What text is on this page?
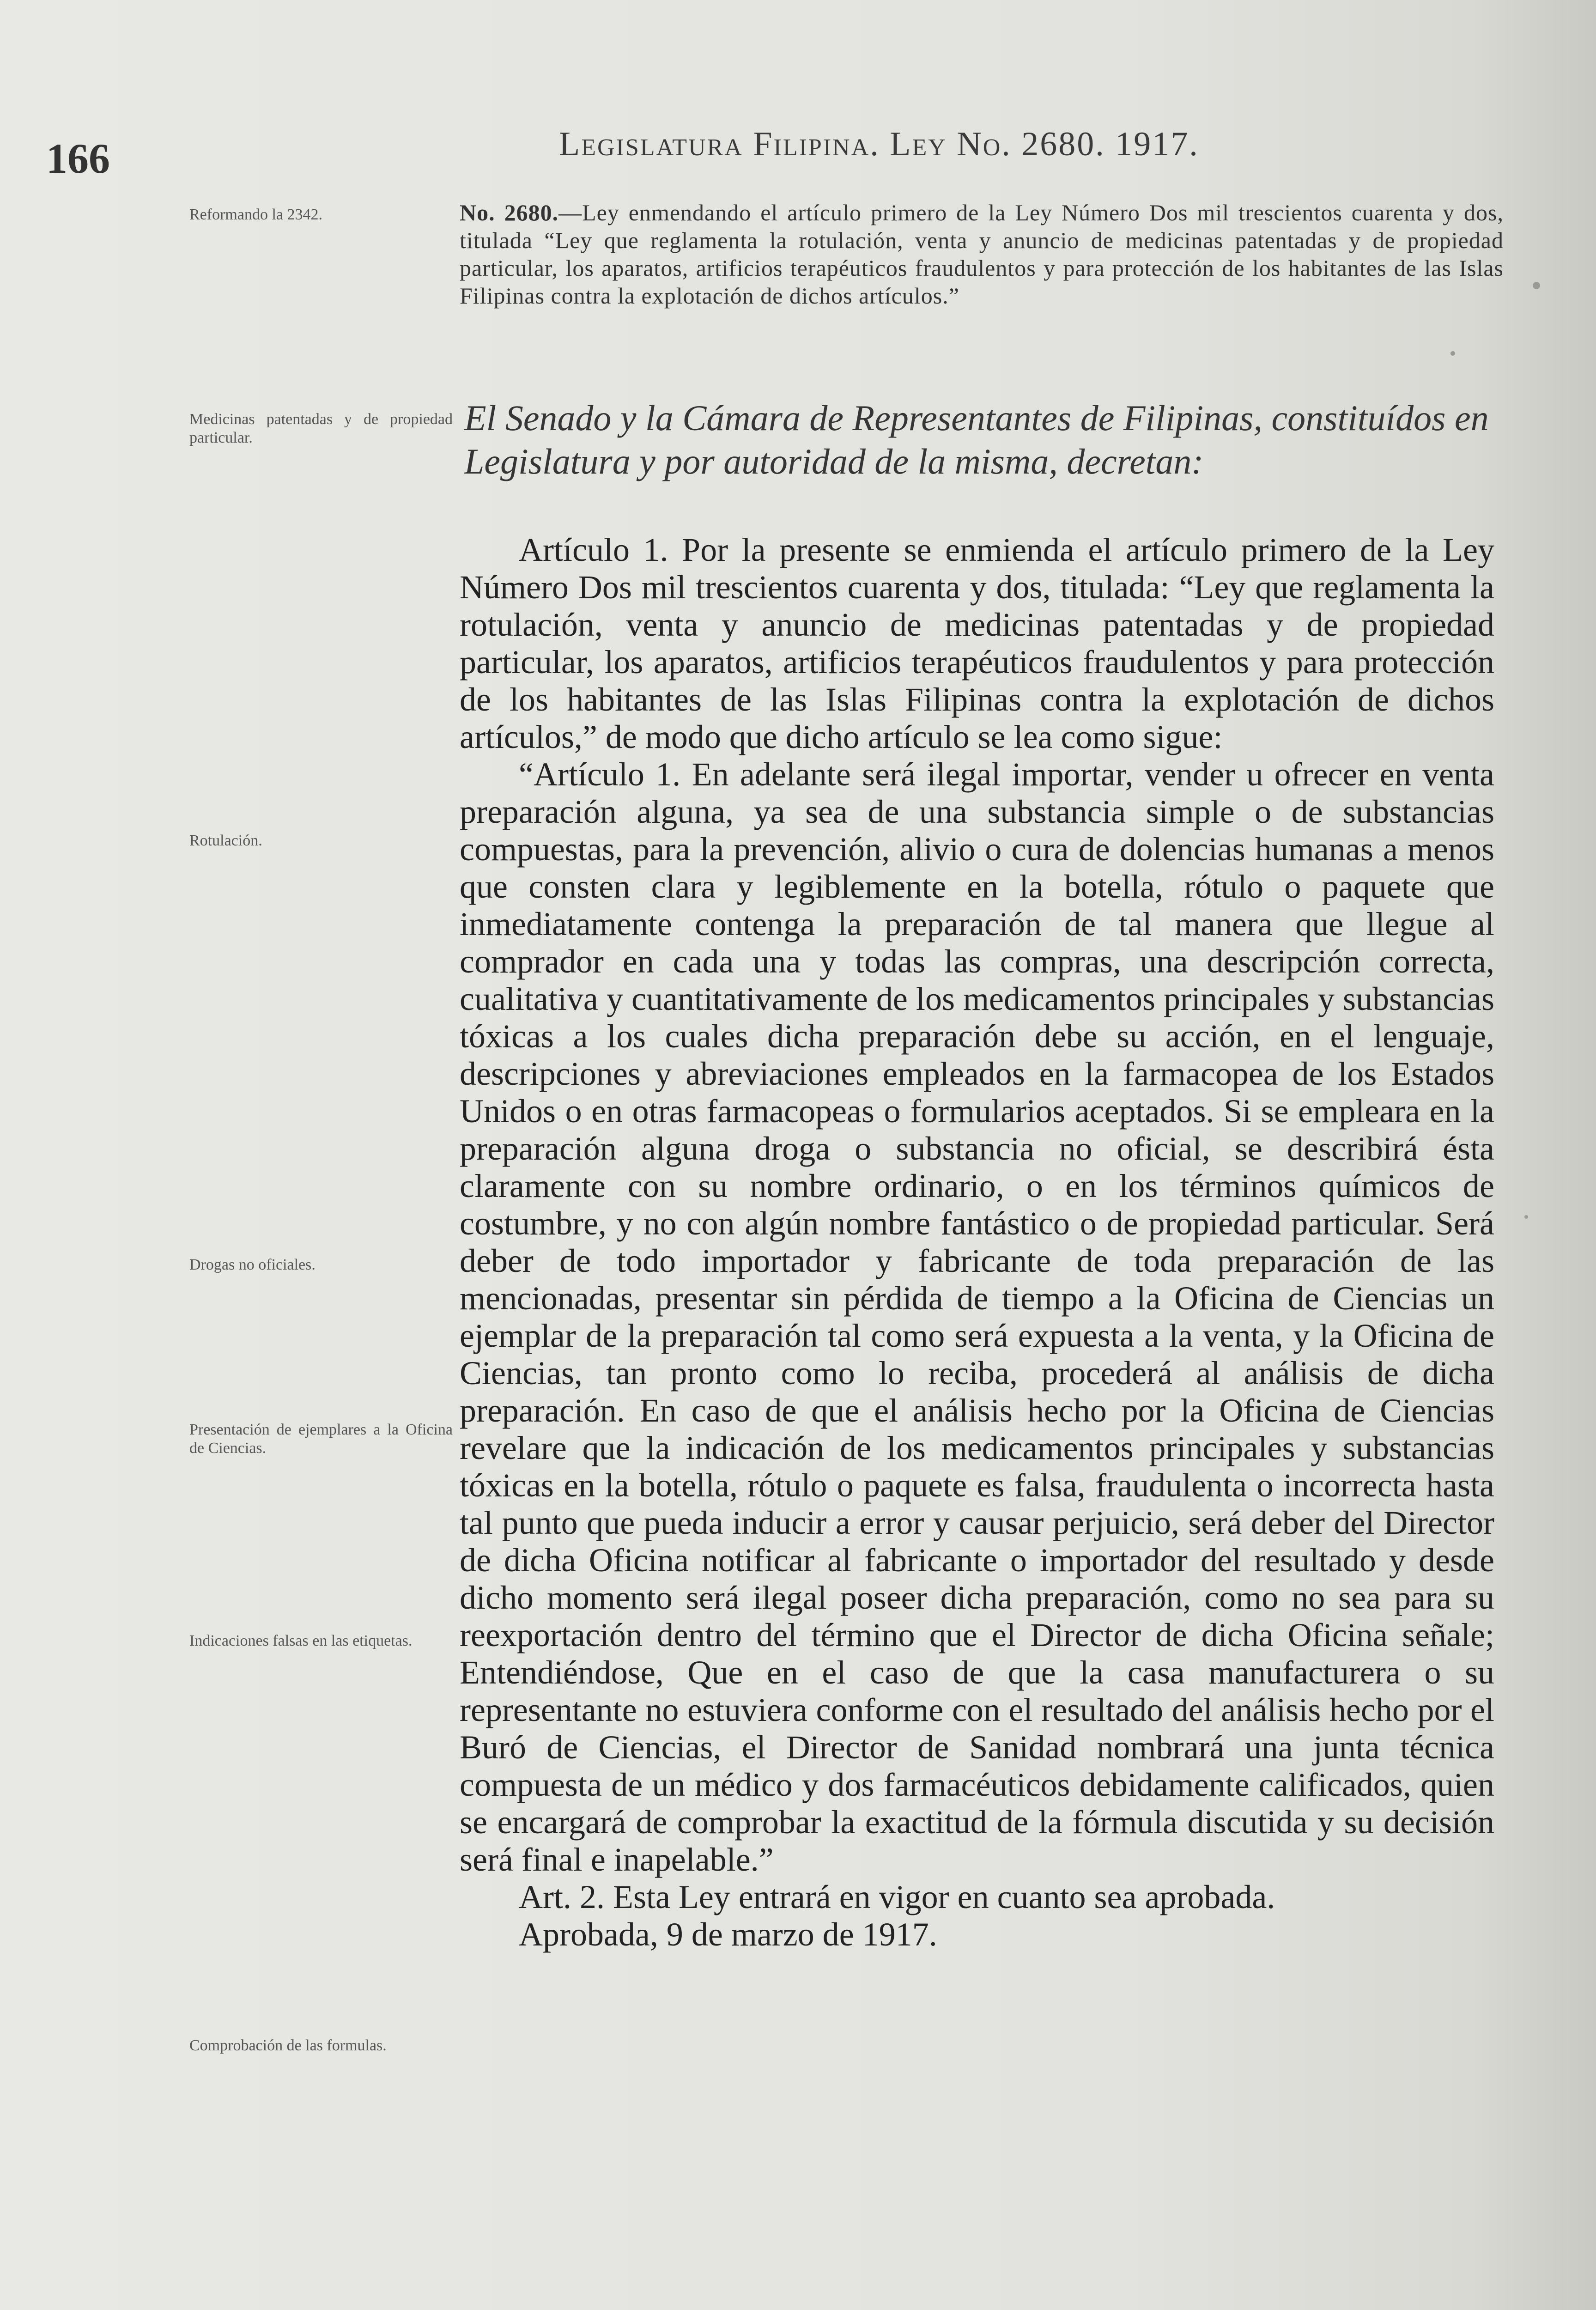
166	Legislatura Filipina. Ley No. 2680. 1917.
Reformando la 2342.	No. 2680.—Ley enmendando el artículo primero de la Ley Número Dos mil trescientos cuarenta y dos, titulada “Ley que reglamenta la rotulación, venta y anuncio de medicinas patentadas y de propiedad particular, los aparatos, artificios terapéuticos fraudulentos y para protección de los habitantes de las Islas Filipinas contra la explotación de dichos artículos.”
Medicinas patentadas y de propiedad particular.	El Senado y la Cámara de Representantes de Filipinas, constituídos en Legislatura y por autoridad de la misma, decretan:

Artículo 1. Por la presente se enmienda el artículo primero de la Ley Número Dos mil trescientos cuarenta y dos, titulada: “Ley que reglamenta la rotulación, venta y anuncio de medicinas patentadas y de propiedad particular, los aparatos, artificios terapéuticos fraudulentos y para protección de los habitantes de las Islas Filipinas contra la explotación de dichos artículos,” de modo que dicho artículo se lea como sigue:

“Artículo 1. En adelante será ilegal importar, vender u ofrecer en venta preparación alguna, ya sea de una substancia simple o de substancias compuestas, para la prevención, alivio o cura de dolencias humanas a menos que consten clara y legiblemente en la botella, rótulo o paquete que inmediatamente contenga la preparación de tal manera que llegue al comprador en cada una y todas las compras, una descripción correcta, cualitativa y cuantitativamente de los medicamentos principales y substancias tóxicas a los cuales dicha preparación debe su acción, en el lenguaje, descripciones y abreviaciones empleados en la farmacopea de los Estados Unidos o en otras farmacopeas o formularios aceptados. Si se empleara en la preparación alguna droga o substancia no oficial, se describirá ésta claramente con su nombre ordinario, o en los términos químicos de costumbre, y no con algún nombre fantástico o de propiedad particular. Será deber de todo importador y fabricante de toda preparación de las mencionadas, presentar sin pérdida de tiempo a la Oficina de Ciencias un ejemplar de la preparación tal como será expuesta a la venta, y la Oficina de Ciencias, tan pronto como lo reciba, procederá al análisis de dicha preparación. En caso de que el análisis hecho por la Oficina de Ciencias revelare que la indicación de los medicamentos principales y substancias tóxicas en la botella, rótulo o paquete es falsa, fraudulenta o incorrecta hasta tal punto que pueda inducir a error y causar perjuicio, será deber del Director de dicha Oficina notificar al fabricante o importador del resultado y desde dicho momento será ilegal poseer dicha preparación, como no sea para su reexportación dentro del término que el Director de dicha Oficina señale; Entendiéndose, Que en el caso de que la casa manufacturera o su representante no estuviera conforme con el resultado del análisis hecho por el Buró de Ciencias, el Director de Sanidad nombrará una junta técnica compuesta de un médico y dos farmacéuticos debidamente calificados, quien se encargará de comprobar la exactitud de la fórmula discutida y su decisión será final e inapelable.”

Art. 2. Esta Ley entrará en vigor en cuanto sea aprobada.

Aprobada, 9 de marzo de 1917.

Rotulación.
Drogas no oficiales.
Presentación de ejemplares a la Oficina de Ciencias.
Indicaciones falsas en las etiquetas.
Comprobación de las formulas.
